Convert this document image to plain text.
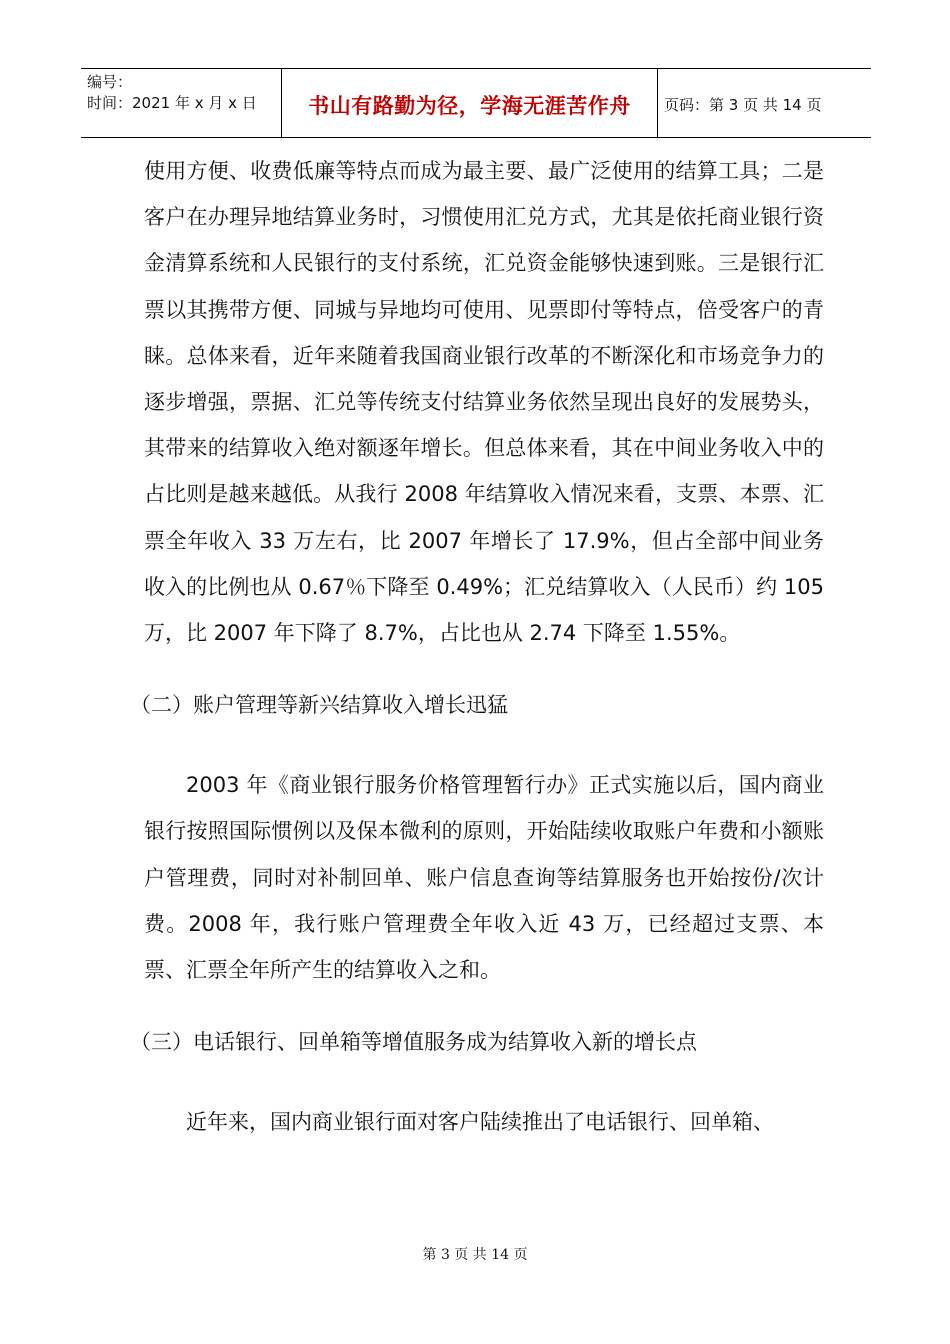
编号：
时间：2021 年 x 月 x 日	书山有路勤为径，学海无涯苦作舟	页码：第 3 页 共 14 页

使用方便、收费低廉等特点而成为最主要、最广泛使用的结算工具；二是客户在办理异地结算业务时，习惯使用汇兑方式，尤其是依托商业银行资金清算系统和人民银行的支付系统，汇兑资金能够快速到账。三是银行汇票以其携带方便、同城与异地均可使用、见票即付等特点，倍受客户的青睐。总体来看，近年来随着我国商业银行改革的不断深化和市场竞争力的逐步增强，票据、汇兑等传统支付结算业务依然呈现出良好的发展势头，其带来的结算收入绝对额逐年增长。但总体来看，其在中间业务收入中的占比则是越来越低。从我行 2008 年结算收入情况来看，支票、本票、汇票全年收入 33 万左右，比 2007 年增长了 17.9%，但占全部中间业务收入的比例也从 0.67％下降至 0.49%；汇兑结算收入（人民币）约 105 万，比 2007 年下降了 8.7%，占比也从 2.74 下降至 1.55%。

（二）账户管理等新兴结算收入增长迅猛

2003 年《商业银行服务价格管理暂行办》正式实施以后，国内商业银行按照国际惯例以及保本微利的原则，开始陆续收取账户年费和小额账户管理费，同时对补制回单、账户信息查询等结算服务也开始按份/次计费。2008 年，我行账户管理费全年收入近 43 万，已经超过支票、本票、汇票全年所产生的结算收入之和。

（三）电话银行、回单箱等增值服务成为结算收入新的增长点

近年来，国内商业银行面对客户陆续推出了电话银行、回单箱、

第 3 页 共 14 页
